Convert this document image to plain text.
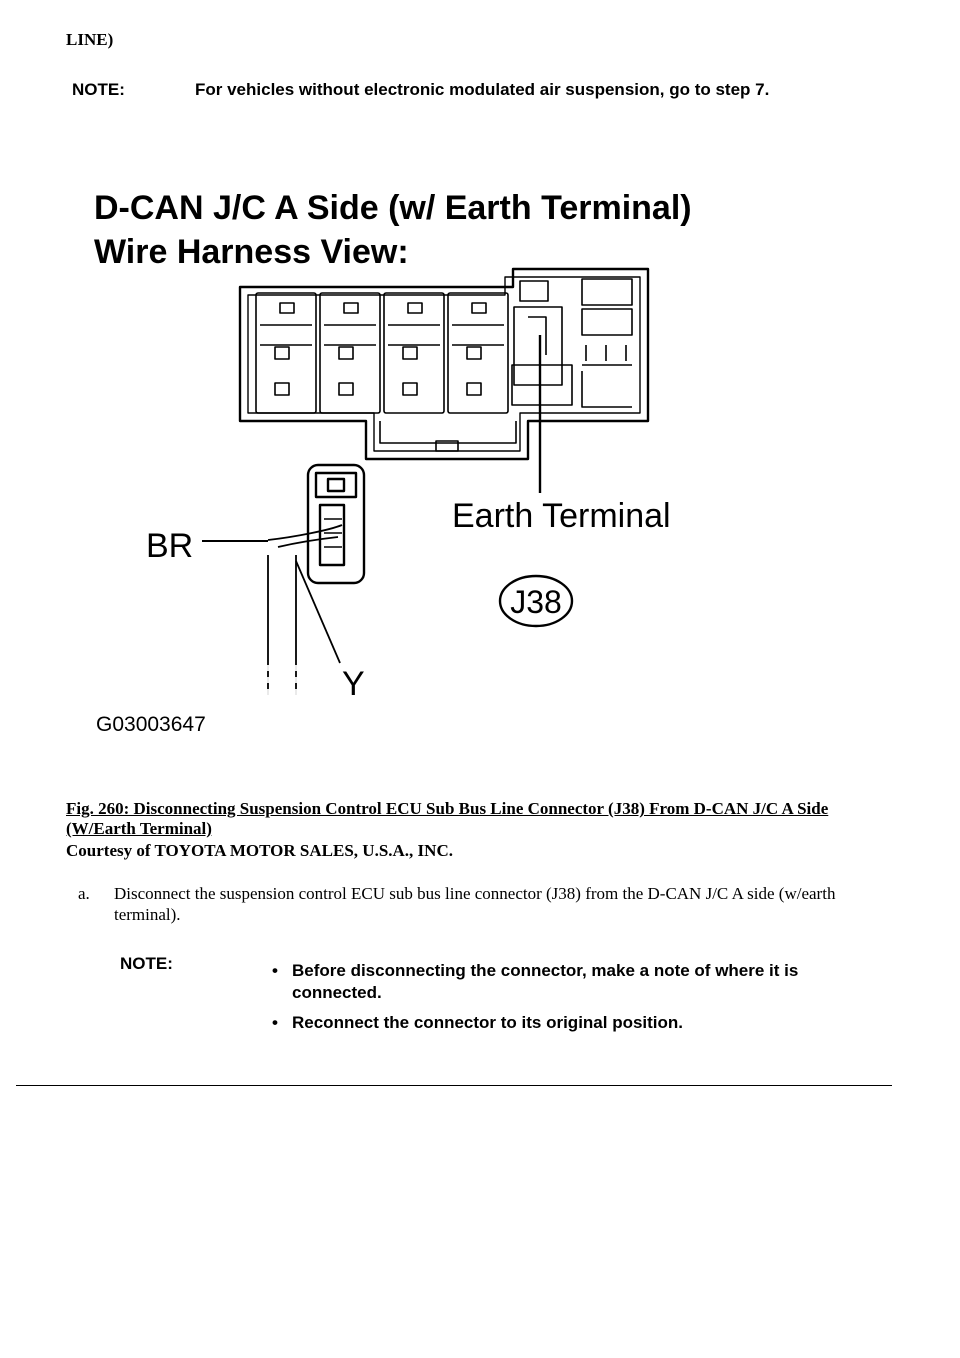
LINE)
NOTE:	For vehicles without electronic modulated air suspension, go to step 7.
D-CAN J/C A Side (w/ Earth Terminal)
Wire Harness View:
Earth Terminal
BR
Y
J38
G03003647
Fig. 260: Disconnecting Suspension Control ECU Sub Bus Line Connector (J38) From D-CAN J/C A Side (W/Earth Terminal)
Courtesy of TOYOTA MOTOR SALES, U.S.A., INC.
a. Disconnect the suspension control ECU sub bus line connector (J38) from the D-CAN J/C A side (w/earth terminal).
NOTE:	• Before disconnecting the connector, make a note of where it is connected.
• Reconnect the connector to its original position.
